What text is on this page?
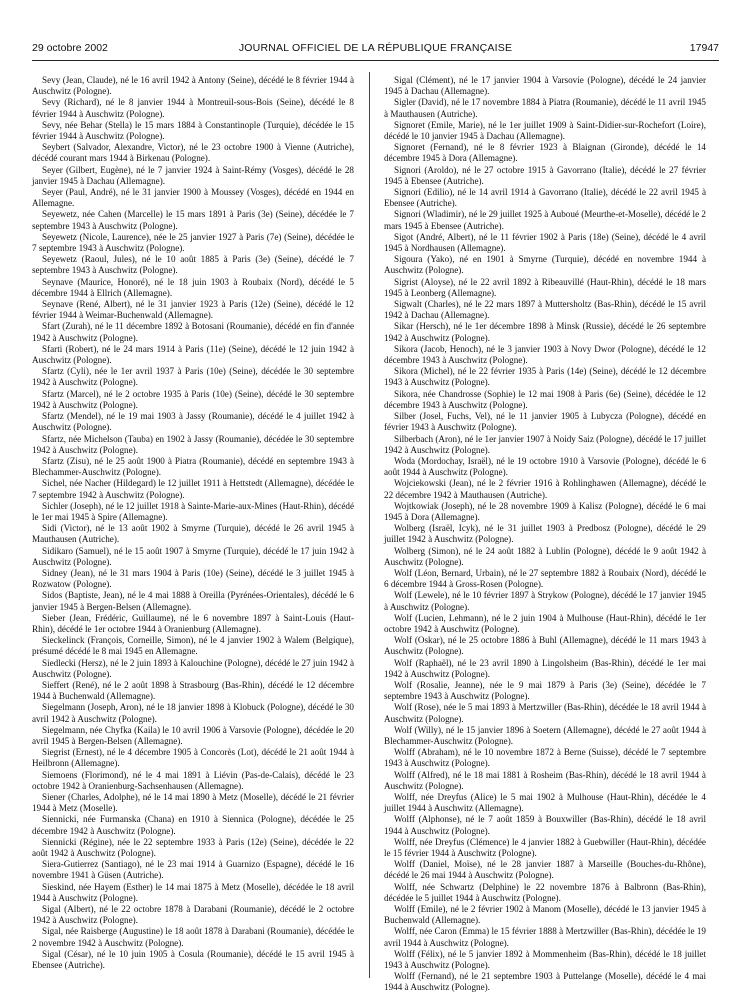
29 octobre 2002	JOURNAL OFFICIEL DE LA RÉPUBLIQUE FRANÇAISE	17947

Sevy (Jean, Claude), né le 16 avril 1942 à Antony (Seine), décédé le 8 février 1944 à Auschwitz (Pologne).

Sevy (Richard), né le 8 janvier 1944 à Montreuil-sous-Bois (Seine), décédé le 8 février 1944 à Auschwitz (Pologne).

Sevy, née Behar (Stella) le 15 mars 1884 à Constantinople (Turquie), décédée le 15 février 1944 à Auschwitz (Pologne).

Seybert (Salvador, Alexandre, Victor), né le 23 octobre 1900 à Vienne (Autriche), décédé courant mars 1944 à Birkenau (Pologne).

Seyer (Gilbert, Eugène), né le 7 janvier 1924 à Saint-Rémy (Vosges), décédé le 28 janvier 1945 à Dachau (Allemagne).

Seyer (Paul, André), né le 31 janvier 1900 à Moussey (Vosges), décédé en 1944 en Allemagne.

Seyewetz, née Cahen (Marcelle) le 15 mars 1891 à Paris (3e) (Seine), décédée le 7 septembre 1943 à Auschwitz (Pologne).

Seyewetz (Nicole, Laurence), née le 25 janvier 1927 à Paris (7e) (Seine), décédée le 7 septembre 1943 à Auschwitz (Pologne).

Seyewetz (Raoul, Jules), né le 10 août 1885 à Paris (3e) (Seine), décédé le 7 septembre 1943 à Auschwitz (Pologne).

Seynave (Maurice, Honoré), né le 18 juin 1903 à Roubaix (Nord), décédé le 5 décembre 1944 à Ellrich (Allemagne).

Seynave (René, Albert), né le 31 janvier 1923 à Paris (12e) (Seine), décédé le 12 février 1944 à Weimar-Buchenwald (Allemagne).

Sfart (Zurah), né le 11 décembre 1892 à Botosani (Roumanie), décédé en fin d'année 1942 à Auschwitz (Pologne).

Sfarti (Robert), né le 24 mars 1914 à Paris (11e) (Seine), décédé le 12 juin 1942 à Auschwitz (Pologne).

Sfartz (Cyli), née le 1er avril 1937 à Paris (10e) (Seine), décédée le 30 septembre 1942 à Auschwitz (Pologne).

Sfartz (Marcel), né le 2 octobre 1935 à Paris (10e) (Seine), décédé le 30 septembre 1942 à Auschwitz (Pologne).

Sfartz (Mendel), né le 19 mai 1903 à Jassy (Roumanie), décédé le 4 juillet 1942 à Auschwitz (Pologne).

Sfartz, née Michelson (Tauba) en 1902 à Jassy (Roumanie), décédée le 30 septembre 1942 à Auschwitz (Pologne).

Sfartz (Zisu), né le 25 août 1900 à Piatra (Roumanie), décédé en septembre 1943 à Blechammer-Auschwitz (Pologne).

Sichel, née Nacher (Hildegard) le 12 juillet 1911 à Hettstedt (Allemagne), décédée le 7 septembre 1942 à Auschwitz (Pologne).

Sichler (Joseph), né le 12 juillet 1918 à Sainte-Marie-aux-Mines (Haut-Rhin), décédé le 1er mai 1945 à Spire (Allemagne).

Sidi (Victor), né le 13 août 1902 à Smyrne (Turquie), décédé le 26 avril 1945 à Mauthausen (Autriche).

Sidikaro (Samuel), né le 15 août 1907 à Smyrne (Turquie), décédé le 17 juin 1942 à Auschwitz (Pologne).

Sidney (Jean), né le 31 mars 1904 à Paris (10e) (Seine), décédé le 3 juillet 1945 à Rozwatow (Pologne).

Sidos (Baptiste, Jean), né le 4 mai 1888 à Oreilla (Pyrénées-Orientales), décédé le 6 janvier 1945 à Bergen-Belsen (Allemagne).

Sieber (Jean, Frédéric, Guillaume), né le 6 novembre 1897 à Saint-Louis (Haut-Rhin), décédé le 1er octobre 1944 à Oranienburg (Allemagne).

Sieckelinck (François, Corneille, Simon), né le 4 janvier 1902 à Walem (Belgique), présumé décédé le 8 mai 1945 en Allemagne.

Siedlecki (Hersz), né le 2 juin 1893 à Kalouchine (Pologne), décédé le 27 juin 1942 à Auschwitz (Pologne).

Sieffert (René), né le 2 août 1898 à Strasbourg (Bas-Rhin), décédé le 12 décembre 1944 à Buchenwald (Allemagne).

Siegelmann (Joseph, Aron), né le 18 janvier 1898 à Klobuck (Pologne), décédé le 30 avril 1942 à Auschwitz (Pologne).

Siegelmann, née Chyfka (Kaila) le 10 avril 1906 à Varsovie (Pologne), décédée le 20 avril 1945 à Bergen-Belsen (Allemagne).

Siegrist (Ernest), né le 4 décembre 1905 à Concorès (Lot), décédé le 21 août 1944 à Heilbronn (Allemagne).

Siemoens (Florimond), né le 4 mai 1891 à Liévin (Pas-de-Calais), décédé le 23 octobre 1942 à Oranienburg-Sachsenhausen (Allemagne).

Siener (Charles, Adolphe), né le 14 mai 1890 à Metz (Moselle), décédé le 21 février 1944 à Metz (Moselle).

Siennicki, née Furmanska (Chana) en 1910 à Siennica (Pologne), décédée le 25 décembre 1942 à Auschwitz (Pologne).

Siennicki (Régine), née le 22 septembre 1933 à Paris (12e) (Seine), décédée le 22 août 1942 à Auschwitz (Pologne).

Siera-Gutierrez (Santiago), né le 23 mai 1914 à Guarnizo (Espagne), décédé le 16 novembre 1941 à Güsen (Autriche).

Sieskind, née Hayem (Esther) le 14 mai 1875 à Metz (Moselle), décédée le 18 avril 1944 à Auschwitz (Pologne).

Sigal (Albert), né le 22 octobre 1878 à Darabani (Roumanie), décédé le 2 octobre 1942 à Auschwitz (Pologne).

Sigal, née Raisberge (Augustine) le 18 août 1878 à Darabani (Roumanie), décédée le 2 novembre 1942 à Auschwitz (Pologne).

Sigal (César), né le 10 juin 1905 à Cosula (Roumanie), décédé le 15 avril 1945 à Ebensee (Autriche).

Sigal (Clément), né le 17 janvier 1904 à Varsovie (Pologne), décédé le 24 janvier 1945 à Dachau (Allemagne).

Sigler (David), né le 17 novembre 1884 à Piatra (Roumanie), décédé le 11 avril 1945 à Mauthausen (Autriche).

Signoret (Emile, Marie), né le 1er juillet 1909 à Saint-Didier-sur-Rochefort (Loire), décédé le 10 janvier 1945 à Dachau (Allemagne).

Signoret (Fernand), né le 8 février 1923 à Blaignan (Gironde), décédé le 14 décembre 1945 à Dora (Allemagne).

Signori (Aroldo), né le 27 octobre 1915 à Gavorrano (Italie), décédé le 27 février 1945 à Ebensee (Autriche).

Signori (Edilio), né le 14 avril 1914 à Gavorrano (Italie), décédé le 22 avril 1945 à Ebensee (Autriche).

Signori (Wladimir), né le 29 juillet 1925 à Auboué (Meurthe-et-Moselle), décédé le 2 mars 1945 à Ebensee (Autriche).

Sigot (André, Albert), né le 11 février 1902 à Paris (18e) (Seine), décédé le 4 avril 1945 à Nordhausen (Allemagne).

Sigoura (Yako), né en 1901 à Smyrne (Turquie), décédé en novembre 1944 à Auschwitz (Pologne).

Sigrist (Aloyse), né le 22 avril 1892 à Ribeauvillé (Haut-Rhin), décédé le 18 mars 1945 à Leonberg (Allemagne).

Sigwalt (Charles), né le 22 mars 1897 à Muttersholtz (Bas-Rhin), décédé le 15 avril 1942 à Dachau (Allemagne).

Sikar (Hersch), né le 1er décembre 1898 à Minsk (Russie), décédé le 26 septembre 1942 à Auschwitz (Pologne).

Sikora (Jacob, Henoch), né le 3 janvier 1903 à Novy Dwor (Pologne), décédé le 12 décembre 1943 à Auschwitz (Pologne).

Sikora (Michel), né le 22 février 1935 à Paris (14e) (Seine), décédé le 12 décembre 1943 à Auschwitz (Pologne).

Sikora, née Chandrosse (Sophie) le 12 mai 1908 à Paris (6e) (Seine), décédée le 12 décembre 1943 à Auschwitz (Pologne).

Silber (Josel, Fuchs, Vel), né le 11 janvier 1905 à Lubycza (Pologne), décédé en février 1943 à Auschwitz (Pologne).

Silberbach (Aron), né le 1er janvier 1907 à Noidy Saiz (Pologne), décédé le 17 juillet 1942 à Auschwitz (Pologne).

Woda (Mordochay, Israël), né le 19 octobre 1910 à Varsovie (Pologne), décédé le 6 août 1944 à Auschwitz (Pologne).

Wojciekowski (Jean), né le 2 février 1916 à Rohlinghawen (Allemagne), décédé le 22 décembre 1942 à Mauthausen (Autriche).

Wojtkowiak (Joseph), né le 28 novembre 1909 à Kalisz (Pologne), décédé le 6 mai 1945 à Dora (Allemagne).

Wolberg (Israël, Icyk), né le 31 juillet 1903 à Predbosz (Pologne), décédé le 29 juillet 1942 à Auschwitz (Pologne).

Wolberg (Simon), né le 24 août 1882 à Lublin (Pologne), décédé le 9 août 1942 à Auschwitz (Pologne).

Wolf (Léon, Bernard, Urbain), né le 27 septembre 1882 à Roubaix (Nord), décédé le 6 décembre 1944 à Gross-Rosen (Pologne).

Wolf (Lewele), né le 10 février 1897 à Strykow (Pologne), décédé le 17 janvier 1945 à Auschwitz (Pologne).

Wolf (Lucien, Lehmann), né le 2 juin 1904 à Mulhouse (Haut-Rhin), décédé le 1er octobre 1942 à Auschwitz (Pologne).

Wolf (Oskar), né le 25 octobre 1886 à Buhl (Allemagne), décédé le 11 mars 1943 à Auschwitz (Pologne).

Wolf (Raphaël), né le 23 avril 1890 à Lingolsheim (Bas-Rhin), décédé le 1er mai 1942 à Auschwitz (Pologne).

Wolf (Rosalie, Jeanne), née le 9 mai 1879 à Paris (3e) (Seine), décédée le 7 septembre 1943 à Auschwitz (Pologne).

Wolf (Rose), née le 5 mai 1893 à Mertzwiller (Bas-Rhin), décédée le 18 avril 1944 à Auschwitz (Pologne).

Wolf (Willy), né le 15 janvier 1896 à Soetern (Allemagne), décédé le 27 août 1944 à Blechammer-Auschwitz (Pologne).

Wolff (Abraham), né le 10 novembre 1872 à Berne (Suisse), décédé le 7 septembre 1943 à Auschwitz (Pologne).

Wolff (Alfred), né le 18 mai 1881 à Rosheim (Bas-Rhin), décédé le 18 avril 1944 à Auschwitz (Pologne).

Wolff, née Dreyfus (Alice) le 5 mai 1902 à Mulhouse (Haut-Rhin), décédée le 4 juillet 1944 à Auschwitz (Allemagne).

Wolff (Alphonse), né le 7 août 1859 à Bouxwiller (Bas-Rhin), décédé le 18 avril 1944 à Auschwitz (Pologne).

Wolff, née Dreyfus (Clémence) le 4 janvier 1882 à Guebwiller (Haut-Rhin), décédée le 15 février 1944 à Auschwitz (Pologne).

Wolff (Daniel, Moïse), né le 28 janvier 1887 à Marseille (Bouches-du-Rhône), décédé le 26 mai 1944 à Auschwitz (Pologne).

Wolff, née Schwartz (Delphine) le 22 novembre 1876 à Balbronn (Bas-Rhin), décédée le 5 juillet 1944 à Auschwitz (Pologne).

Wolff (Emile), né le 2 février 1902 à Manom (Moselle), décédé le 13 janvier 1945 à Buchenwald (Allemagne).

Wolff, née Caron (Emma) le 15 février 1888 à Mertzwiller (Bas-Rhin), décédée le 19 avril 1944 à Auschwitz (Pologne).

Wolff (Félix), né le 5 janvier 1892 à Mommenheim (Bas-Rhin), décédé le 18 juillet 1943 à Auschwitz (Pologne).

Wolff (Fernand), né le 21 septembre 1903 à Puttelange (Moselle), décédé le 4 mai 1944 à Auschwitz (Pologne).
